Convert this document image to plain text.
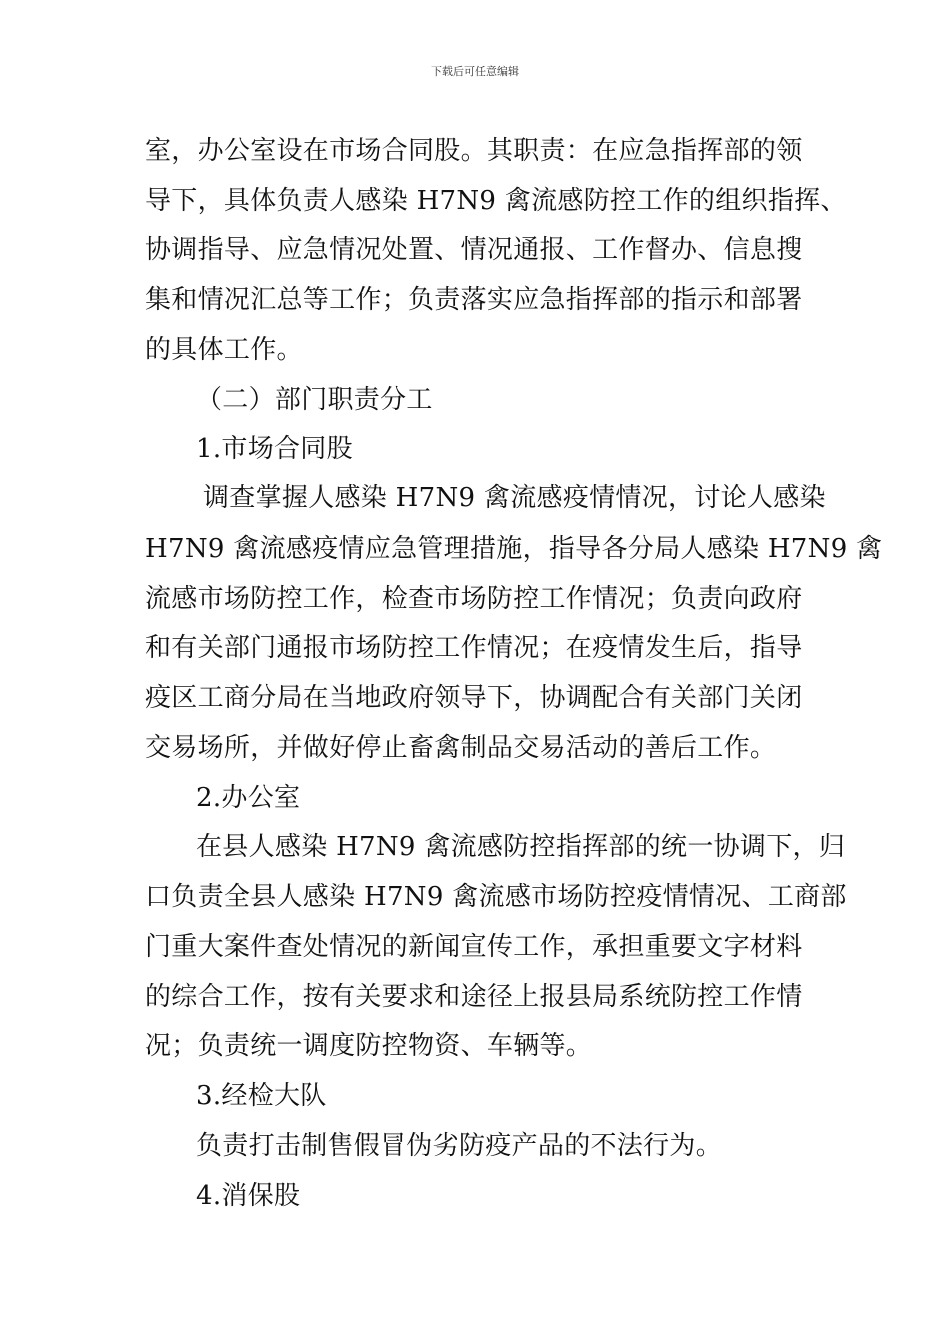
下载后可任意编辑
室，办公室设在市场合同股。其职责：在应急指挥部的领
导下，具体负责人感染 H7N9 禽流感防控工作的组织指挥、
协调指导、应急情况处置、情况通报、工作督办、信息搜
集和情况汇总等工作；负责落实应急指挥部的指示和部署
的具体工作。
（二）部门职责分工
1.市场合同股
调查掌握人感染 H7N9 禽流感疫情情况，讨论人感染
H7N9 禽流感疫情应急管理措施，指导各分局人感染 H7N9 禽
流感市场防控工作，检查市场防控工作情况；负责向政府
和有关部门通报市场防控工作情况；在疫情发生后，指导
疫区工商分局在当地政府领导下，协调配合有关部门关闭
交易场所，并做好停止畜禽制品交易活动的善后工作。
2.办公室
在县人感染 H7N9 禽流感防控指挥部的统一协调下，归
口负责全县人感染 H7N9 禽流感市场防控疫情情况、工商部
门重大案件查处情况的新闻宣传工作，承担重要文字材料
的综合工作，按有关要求和途径上报县局系统防控工作情
况；负责统一调度防控物资、车辆等。
3.经检大队
负责打击制售假冒伪劣防疫产品的不法行为。
4.消保股
